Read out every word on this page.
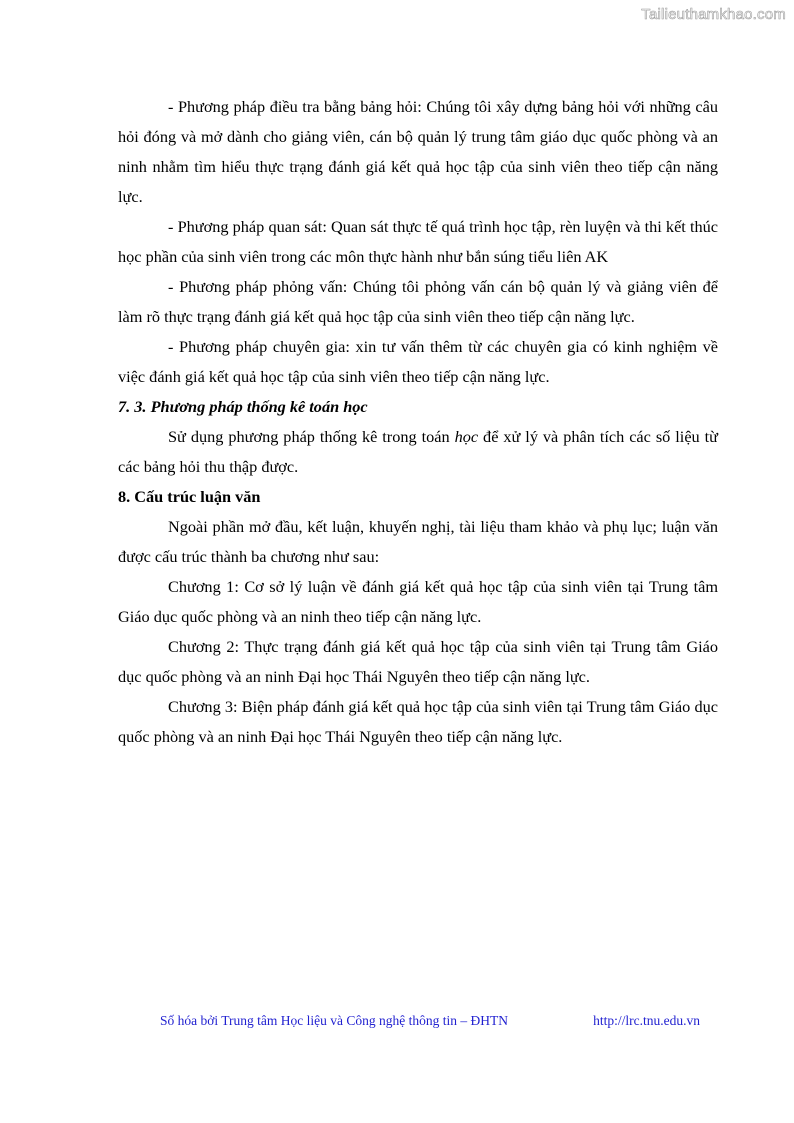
Tailieuthamkhao.com

- Phương pháp điều tra bằng bảng hỏi: Chúng tôi xây dựng bảng hỏi với những câu hỏi đóng và mở dành cho giảng viên, cán bộ quản lý trung tâm giáo dục quốc phòng và an ninh nhằm tìm hiểu thực trạng đánh giá kết quả học tập của sinh viên theo tiếp cận năng lực.

- Phương pháp quan sát: Quan sát thực tế quá trình học tập, rèn luyện và thi kết thúc học phần của sinh viên trong các môn thực hành như bắn súng tiểu liên AK

- Phương pháp phỏng vấn: Chúng tôi phỏng vấn cán bộ quản lý và giảng viên để làm rõ thực trạng đánh giá kết quả học tập của sinh viên theo tiếp cận năng lực.

- Phương pháp chuyên gia: xin tư vấn thêm từ các chuyên gia có kinh nghiệm về việc đánh giá kết quả học tập của sinh viên theo tiếp cận năng lực.

7. 3. Phương pháp thống kê toán học

Sử dụng phương pháp thống kê trong toán học để xử lý và phân tích các số liệu từ các bảng hỏi thu thập được.

8. Cấu trúc luận văn

Ngoài phần mở đầu, kết luận, khuyến nghị, tài liệu tham khảo và phụ lục; luận văn được cấu trúc thành ba chương như sau:

Chương 1: Cơ sở lý luận về đánh giá kết quả học tập của sinh viên tại Trung tâm Giáo dục quốc phòng và an ninh theo tiếp cận năng lực.

Chương 2: Thực trạng đánh giá kết quả học tập của sinh viên tại Trung tâm Giáo dục quốc phòng và an ninh Đại học Thái Nguyên theo tiếp cận năng lực.

Chương 3: Biện pháp đánh giá kết quả học tập của sinh viên tại Trung tâm Giáo dục quốc phòng và an ninh Đại học Thái Nguyên theo tiếp cận năng lực.

Số hóa bởi Trung tâm Học liệu và Công nghệ thông tin – ĐHTN	http://lrc.tnu.edu.vn
